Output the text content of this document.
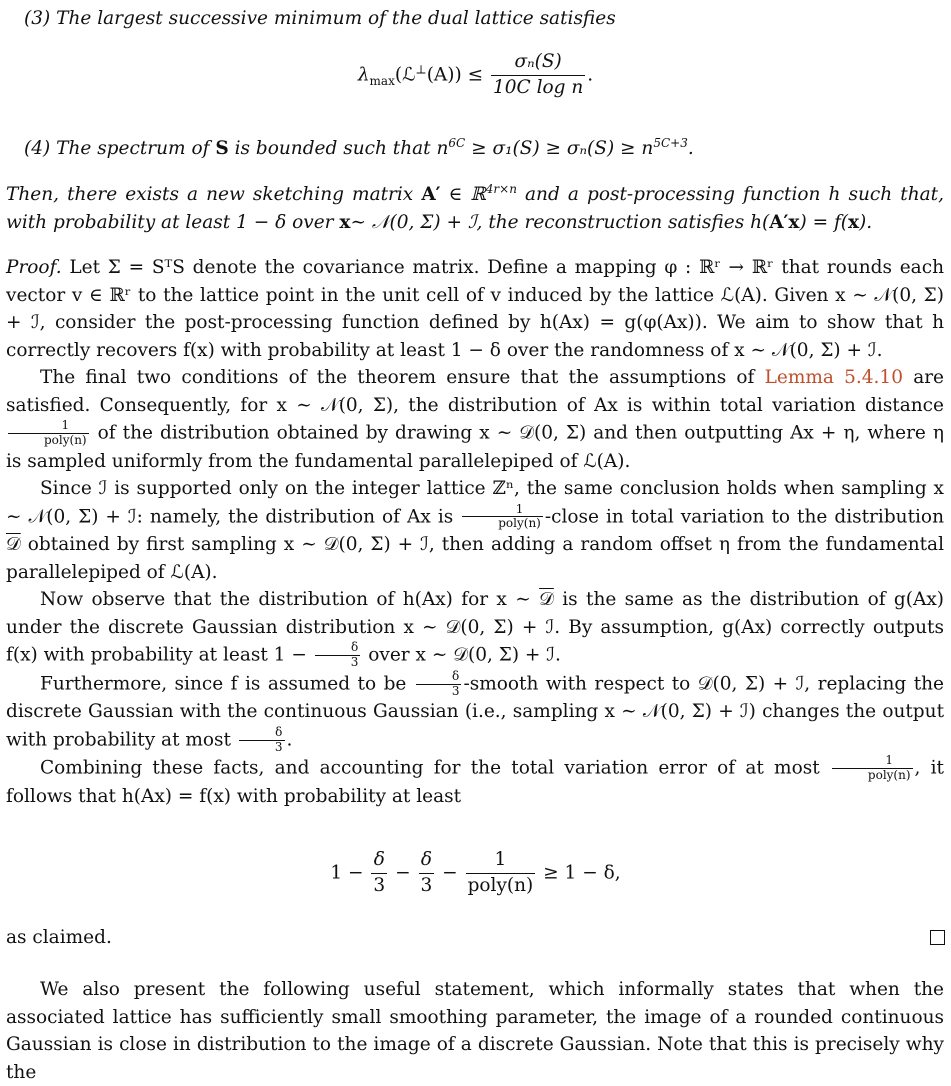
(3) The largest successive minimum of the dual lattice satisfies
$\lambda_{max}(ℒ^\perp(A)) \le \frac{\text{σₙ(S)}}{\text{10C log n}}$ .
(4) The spectrum of S is bounded such that $n^{6C} \ge \sigma_1(S) \ge \sigma_n(S) \ge n^{5C+3}$.

Then, there exists a new sketching matrix A′ ∈ ℝ$^{4r\times n}$ and a post-processing function h such that, with probability at least 1 − δ over x∼ 𝒩(0, Σ) + ℐ, the reconstruction satisfies h(A′x) = f(x).

Proof. Let Σ = SᵀS denote the covariance matrix. Define a mapping φ : ℝʳ → ℝʳ that rounds each vector v ∈ ℝʳ to the lattice point in the unit cell of v induced by the lattice ℒ(A). Given x ∼ 𝒩(0, Σ) + ℐ, consider the post-processing function defined by h(Ax) = g(φ(Ax)). We aim to show that h correctly recovers f(x) with probability at least 1 − δ over the randomness of x ∼ 𝒩(0, Σ) + ℐ.

The final two conditions of the theorem ensure that the assumptions of Lemma 5.4.10 are satisfied. Consequently, for x ∼ 𝒩(0, Σ), the distribution of Ax is within total variation distance
$\frac{1}{\text{poly(n)}}$ of the distribution obtained by drawing x ∼ 𝒟(0, Σ) and then outputting Ax + η, where η is sampled uniformly from the fundamental parallelepiped of ℒ(A).

Since ℐ is supported only on the integer lattice ℤⁿ, the same conclusion holds when sampling x ∼ 𝒩(0, Σ) + ℐ: namely, the distribution of Ax is $\frac{1}{\text{poly(n)}}$ -close in total variation to the distribution 𝒟 obtained by first sampling x ∼ 𝒟(0, Σ) + ℐ, then adding a random offset η from the fundamental parallelepiped of ℒ(A).

Now observe that the distribution of h(Ax) for x ∼ 𝒟 is the same as the distribution of g(Ax) under the discrete Gaussian distribution x ∼ 𝒟(0, Σ) + ℐ. By assumption, g(Ax) correctly outputs f(x) with probability at least $1 - \frac{\delta}{3}$ over x ∼ 𝒟(0, Σ) + ℐ.

Furthermore, since f is assumed to be $\frac{\delta}{3}$ -smooth with respect to 𝒟(0, Σ) + ℐ, replacing the discrete Gaussian with the continuous Gaussian (i.e., sampling x ∼ 𝒩(0, Σ) + ℐ) changes the output with probability at most $\frac{\delta}{3}$ .

Combining these facts, and accounting for the total variation error of at most $\frac{1}{\text{poly(n)}}$ , it follows that h(Ax) = f(x) with probability at least

$1 - \frac{\delta}{3} - \frac{\delta}{3} - \frac{1}{\text{poly(n)}} \ge 1 - \delta$,
as claimed.

We also present the following useful statement, which informally states that when the associated lattice has sufficiently small smoothing parameter, the image of a rounded continuous Gaussian is close in distribution to the image of a discrete Gaussian. Note that this is precisely why the
